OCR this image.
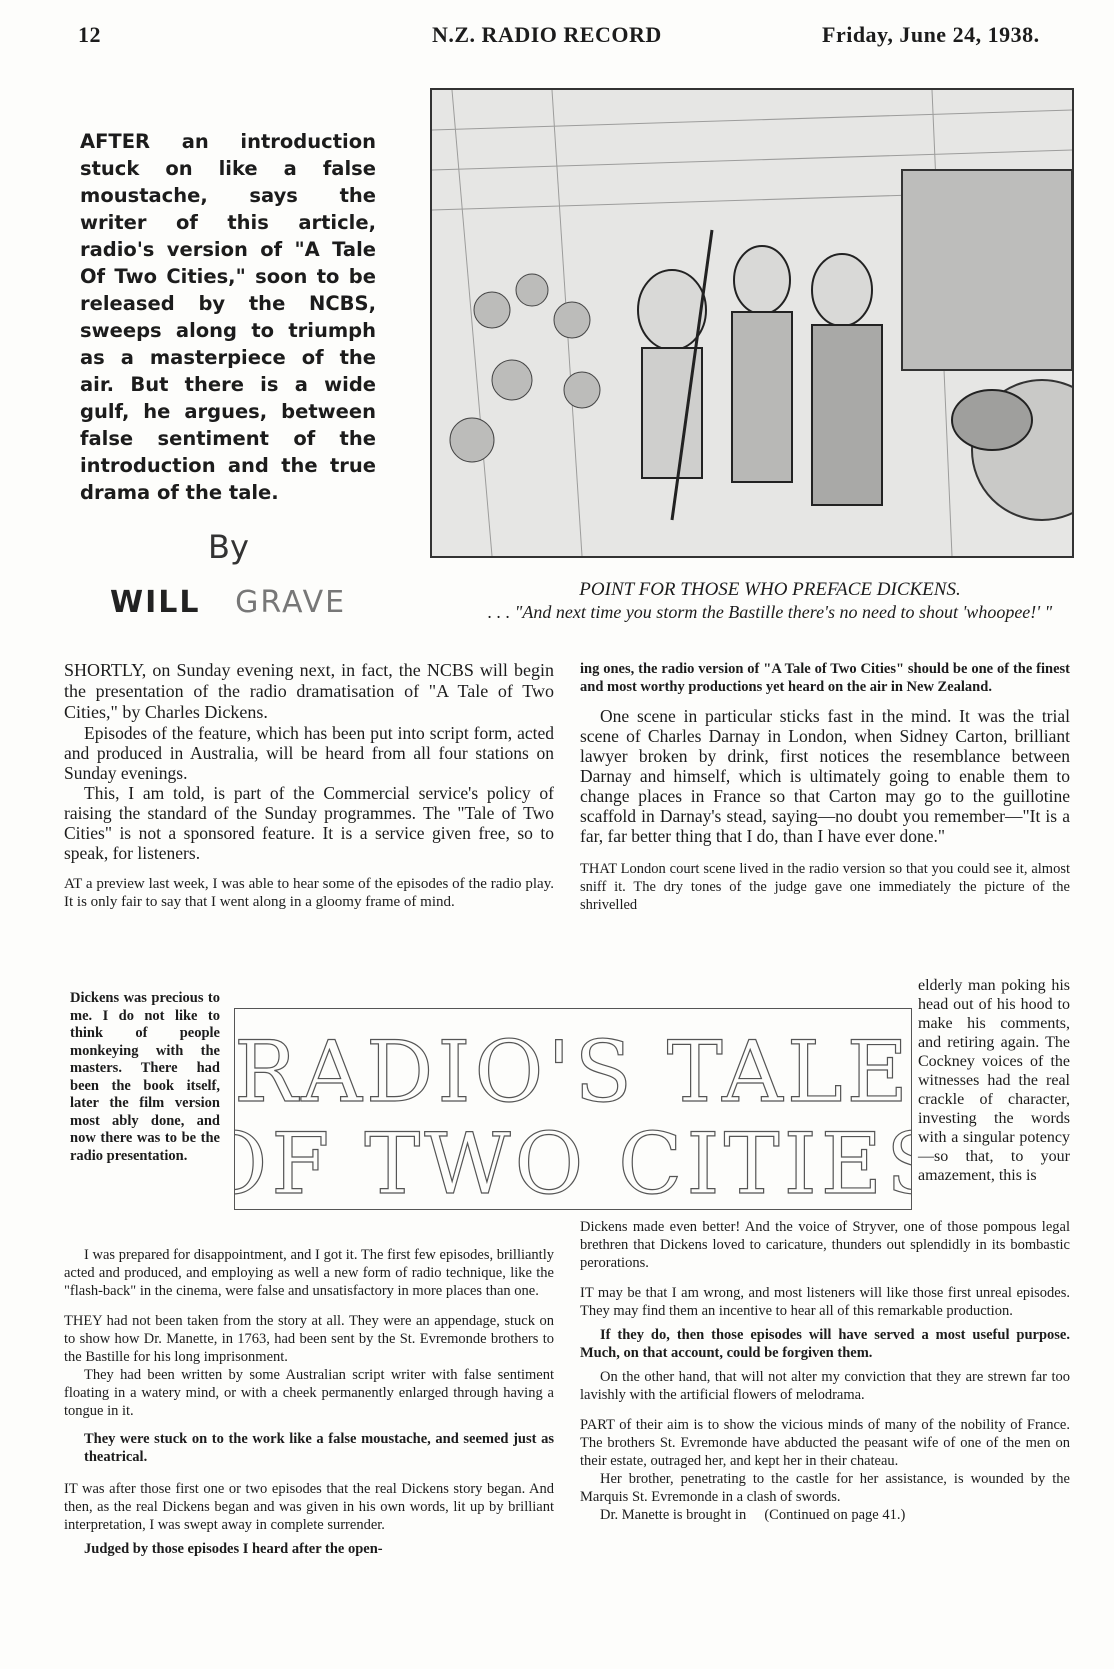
12	N.Z. RADIO RECORD	Friday, June 24, 1938.
AFTER an introduction stuck on like a false moustache, says the writer of this article, radio's version of "A Tale Of Two Cities," soon to be released by the NCBS, sweeps along to triumph as a masterpiece of the air. But there is a wide gulf, he argues, between false sentiment of the introduction and the true drama of the tale.
By
WILL GRAVE	POINT FOR THOSE WHO PREFACE DICKENS.
. . . "And next time you storm the Bastille there's no need to shout 'whoopee!' "

SHORTLY, on Sunday evening next, in fact, the NCBS will begin the presentation of the radio dramatisation of "A Tale of Two Cities," by Charles Dickens.

Episodes of the feature, which has been put into script form, acted and produced in Australia, will be heard from all four stations on Sunday evenings.

This, I am told, is part of the Commercial service's policy of raising the standard of the Sunday programmes. The "Tale of Two Cities" is not a sponsored feature. It is a service given free, so to speak, for listeners.

AT a preview last week, I was able to hear some of the episodes of the radio play. It is only fair to say that I went along in a gloomy frame of mind.

Dickens was precious to me. I do not like to think of people monkeying with the masters. There had been the book itself, later the film version most ably done, and now there was to be the radio presentation.
RADIO'S TALE
OF TWO CITIES

I was prepared for disappointment, and I got it. The first few episodes, brilliantly acted and produced, and employing as well a new form of radio technique, like the "flash-back" in the cinema, were false and unsatisfactory in more places than one.

THEY had not been taken from the story at all. They were an appendage, stuck on to show how Dr. Manette, in 1763, had been sent by the St. Evremonde brothers to the Bastille for his long imprisonment.

They had been written by some Australian script writer with false sentiment floating in a watery mind, or with a cheek permanently enlarged through having a tongue in it.

They were stuck on to the work like a false moustache, and seemed just as theatrical.

IT was after those first one or two episodes that the real Dickens story began. And then, as the real Dickens began and was given in his own words, lit up by brilliant interpretation, I was swept away in complete surrender.

Judged by those episodes I heard after the open-

ing ones, the radio version of "A Tale of Two Cities" should be one of the finest and most worthy productions yet heard on the air in New Zealand.

One scene in particular sticks fast in the mind. It was the trial scene of Charles Darnay in London, when Sidney Carton, brilliant lawyer broken by drink, first notices the resemblance between Darnay and himself, which is ultimately going to enable them to change places in France so that Carton may go to the guillotine scaffold in Darnay's stead, saying—no doubt you remember—"It is a far, far better thing that I do, than I have ever done."

THAT London court scene lived in the radio version so that you could see it, almost sniff it. The dry tones of the judge gave one immediately the picture of the shrivelled

elderly man poking his head out of his hood to make his comments, and retiring again. The Cockney voices of the witnesses had the real crackle of character, investing the words with a singular potency—so that, to your amazement, this is

Dickens made even better! And the voice of Stryver, one of those pompous legal brethren that Dickens loved to caricature, thunders out splendidly in its bombastic perorations.

IT may be that I am wrong, and most listeners will like those first unreal episodes. They may find them an incentive to hear all of this remarkable production.

If they do, then those episodes will have served a most useful purpose. Much, on that account, could be forgiven them.

On the other hand, that will not alter my conviction that they are strewn far too lavishly with the artificial flowers of melodrama.

PART of their aim is to show the vicious minds of many of the nobility of France. The brothers St. Evremonde have abducted the peasant wife of one of the men on their estate, outraged her, and kept her in their chateau.

Her brother, penetrating to the castle for her assistance, is wounded by the Marquis St. Evremonde in a clash of swords.

Dr. Manette is brought in (Continued on page 41.)
